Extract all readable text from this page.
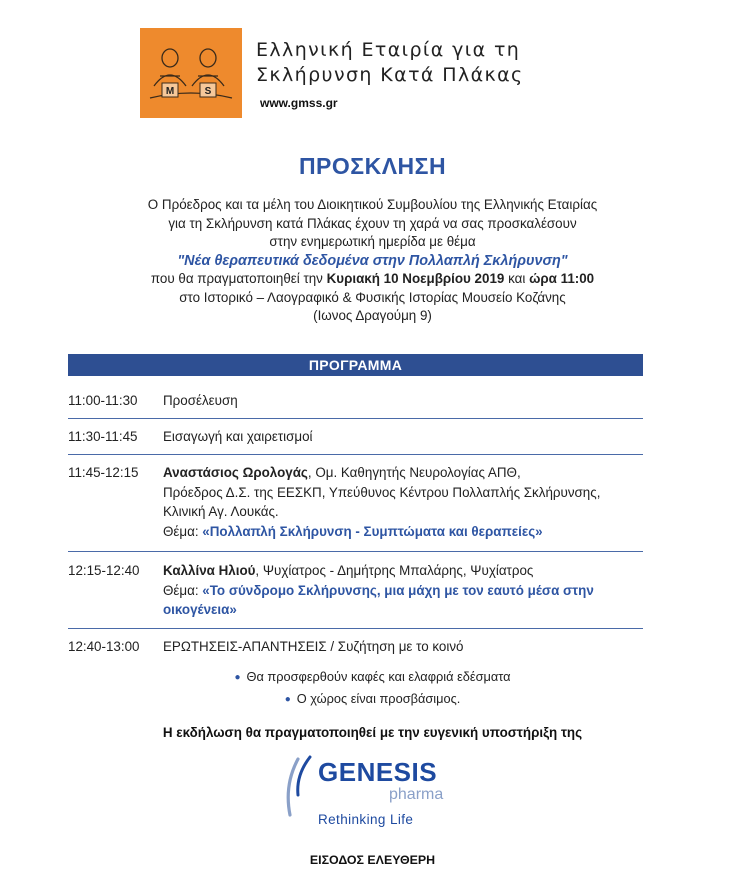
M	S
Ελληνική Εταιρία για τη
Σκλήρυνση Κατά Πλάκας
www.gmss.gr
ΠΡΟΣΚΛΗΣΗ
Ο Πρόεδρος και τα μέλη του Διοικητικού Συμβουλίου της Ελληνικής Εταιρίας
για τη Σκλήρυνση κατά Πλάκας έχουν τη χαρά να σας προσκαλέσουν
στην ενημερωτική ημερίδα με θέμα
"Νέα θεραπευτικά δεδομένα στην Πολλαπλή Σκλήρυνση"
που θα πραγματοποιηθεί την Κυριακή 10 Νοεμβρίου 2019 και ώρα 11:00
στο Ιστορικό – Λαογραφικό & Φυσικής Ιστορίας Μουσείο Κοζάνης
(Ιωνος Δραγούμη 9)
ΠΡΟΓΡΑΜΜΑ
11:00-11:30	Προσέλευση
11:30-11:45	Εισαγωγή και χαιρετισμοί
11:45-12:15	Αναστάσιος Ωρολογάς, Ομ. Καθηγητής Νευρολογίας ΑΠΘ,
Πρόεδρος Δ.Σ. της ΕΕΣΚΠ, Υπεύθυνος Κέντρου Πολλαπλής Σκλήρυνσης,
Κλινική Αγ. Λουκάς.
Θέμα: «Πολλαπλή Σκλήρυνση - Συμπτώματα και θεραπείες»
12:15-12:40	Καλλίνα Ηλιού, Ψυχίατρος - Δημήτρης Μπαλάρης, Ψυχίατρος
Θέμα: «Το σύνδρομο Σκλήρυνσης, μια μάχη με τον εαυτό μέσα στην
οικογένεια»
12:40-13:00	ΕΡΩΤΗΣΕΙΣ-ΑΠΑΝΤΗΣΕΙΣ / Συζήτηση με το κοινό
● Θα προσφερθούν καφές και ελαφριά εδέσματα
● Ο χώρος είναι προσβάσιμος.
Η εκδήλωση θα πραγματοποιηθεί με την ευγενική υποστήριξη της
GENESIS
pharma
Rethinking Life
ΕΙΣΟΔΟΣ ΕΛΕΥΘΕΡΗ
